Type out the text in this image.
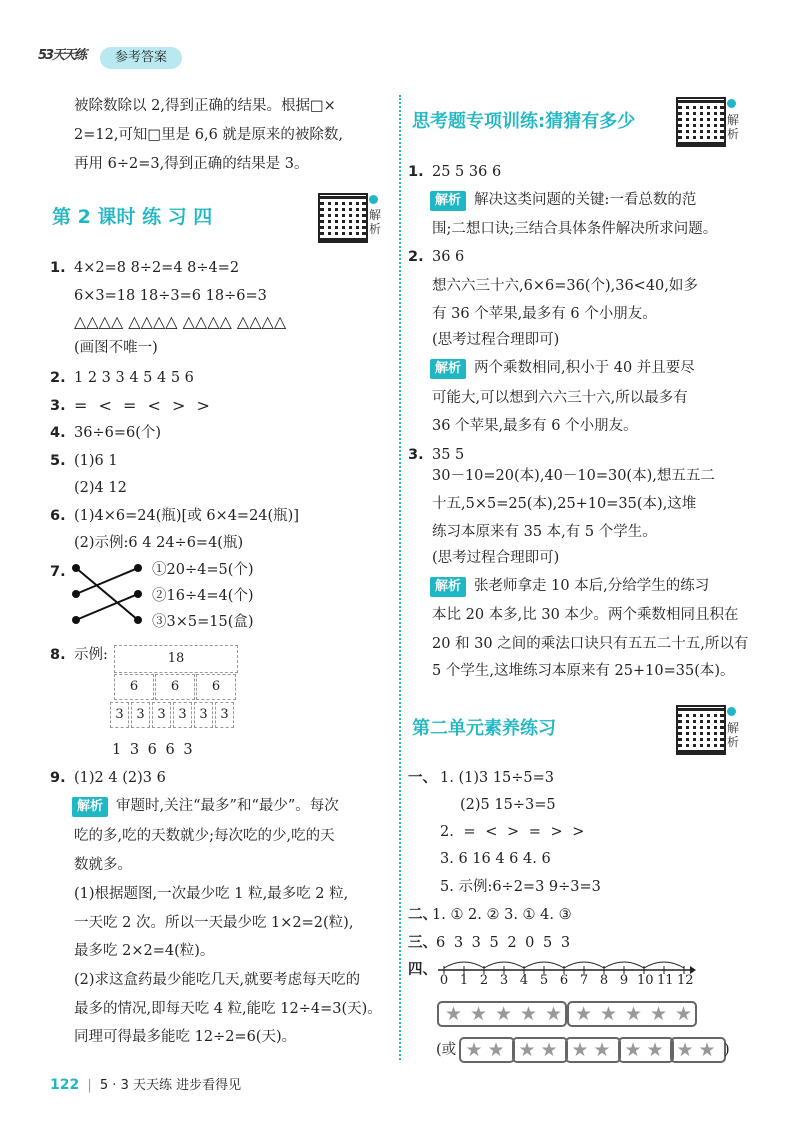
53天天练	参考答案
被除数除以 2,得到正确的结果。根据□×
2=12,可知□里是 6,6 就是原来的被除数,
再用 6÷2=3,得到正确的结果是 3。
第 2 课时 练 习 四	解析
1. 4×2=8 8÷2=4 8÷4=2
6×3=18 18÷3=6 18÷6=3
△△△△ △△△△ △△△△ △△△△
(画图不唯一)
2. 1 2 3 3 4 5 4 5 6
3. = < = < > >
4. 36÷6=6(个)
5. (1)6 1
(2)4 12
6. (1)4×6=24(瓶)[或 6×4=24(瓶)]
(2)示例:6 4 24÷6=4(瓶)
7.	①20÷4=5(个)
②16÷4=4(个)
③3×5=15(盒)
8. 示例:	18
6	6	6
3 3 3 3 3 3
1 3 6 6 3
9. (1)2 4 (2)3 6
解析 审题时,关注“最多”和“最少”。每次
吃的多,吃的天数就少;每次吃的少,吃的天
数就多。
(1)根据题图,一次最少吃 1 粒,最多吃 2 粒,
一天吃 2 次。所以一天最少吃 1×2=2(粒),
最多吃 2×2=4(粒)。
(2)求这盒药最少能吃几天,就要考虑每天吃的
最多的情况,即每天吃 4 粒,能吃 12÷4=3(天)。
同理可得最多能吃 12÷2=6(天)。
思考题专项训练:猜猜有多少	解析
1. 25 5 36 6
解析 解决这类问题的关键:一看总数的范
围;二想口诀;三结合具体条件解决所求问题。
2. 36 6
想六六三十六,6×6=36(个),36<40,如多
有 36 个苹果,最多有 6 个小朋友。
(思考过程合理即可)
解析 两个乘数相同,积小于 40 并且要尽
可能大,可以想到六六三十六,所以最多有
36 个苹果,最多有 6 个小朋友。
3. 35 5
30－10=20(本),40－10=30(本),想五五二
十五,5×5=25(本),25+10=35(本),这堆
练习本原来有 35 本,有 5 个学生。
(思考过程合理即可)
解析 张老师拿走 10 本后,分给学生的练习
本比 20 本多,比 30 本少。两个乘数相同且积在
20 和 30 之间的乘法口诀只有五五二十五,所以有
5 个学生,这堆练习本原来有 25+10=35(本)。
第二单元素养练习	解析
一、 1. (1)3 15÷5=3
(2)5 15÷3=5
2. = < > = > >
3. 6 16 4 6 4. 6
5. 示例:6÷2=3 9÷3=3
二、
1. ① 2. ② 3. ① 4. ③
三、 6 3 3 5 2 0 5 3
四、
0 1 2 3 4 5 6 7 8 9 10 11 12
★ ★ ★ ★ ★ ★ ★ ★ ★ ★
(或 ★ ★ ★ ★ ★ ★ ★ ★ ★ ★ )
122 | 5 · 3 天天练 进步看得见
